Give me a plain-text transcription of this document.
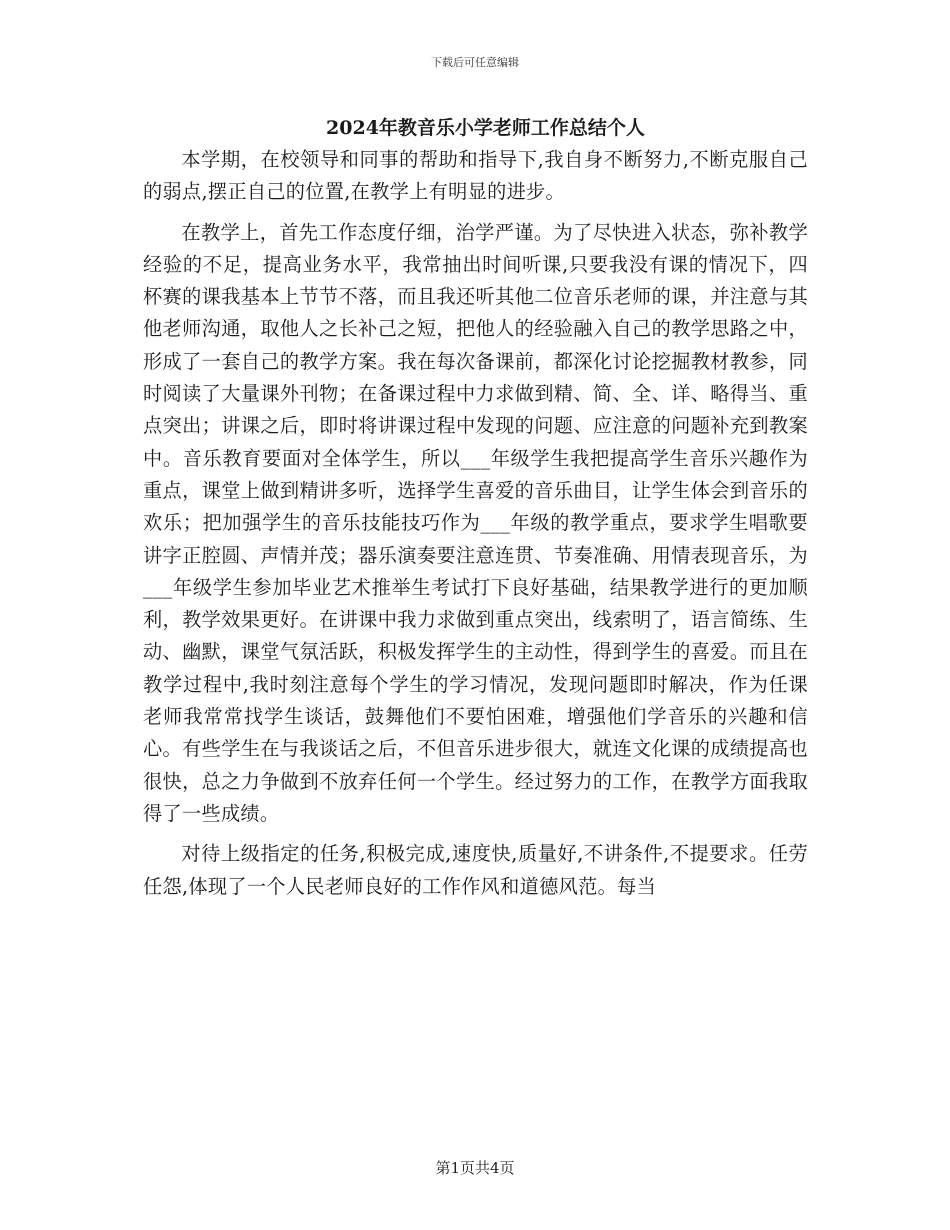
下载后可任意编辑
2024年教音乐小学老师工作总结个人

本学期，在校领导和同事的帮助和指导下,我自身不断努力,不断克服自己的弱点,摆正自己的位置,在教学上有明显的进步。

在教学上，首先工作态度仔细，治学严谨。为了尽快进入状态，弥补教学经验的不足，提高业务水平，我常抽出时间听课,只要我没有课的情况下，四杯赛的课我基本上节节不落，而且我还听其他二位音乐老师的课，并注意与其他老师沟通，取他人之长补己之短，把他人的经验融入自己的教学思路之中，形成了一套自己的教学方案。我在每次备课前，都深化讨论挖掘教材教参，同时阅读了大量课外刊物；在备课过程中力求做到精、简、全、详、略得当、重点突出；讲课之后，即时将讲课过程中发现的问题、应注意的问题补充到教案中。音乐教育要面对全体学生，所以___年级学生我把提高学生音乐兴趣作为重点，课堂上做到精讲多听，选择学生喜爱的音乐曲目，让学生体会到音乐的欢乐；把加强学生的音乐技能技巧作为___年级的教学重点，要求学生唱歌要讲字正腔圆、声情并茂；器乐演奏要注意连贯、节奏准确、用情表现音乐，为___年级学生参加毕业艺术推举生考试打下良好基础，结果教学进行的更加顺利，教学效果更好。在讲课中我力求做到重点突出，线索明了，语言简练、生动、幽默，课堂气氛活跃，积极发挥学生的主动性，得到学生的喜爱。而且在教学过程中,我时刻注意每个学生的学习情况，发现问题即时解决，作为任课老师我常常找学生谈话，鼓舞他们不要怕困难，增强他们学音乐的兴趣和信心。有些学生在与我谈话之后，不但音乐进步很大，就连文化课的成绩提高也很快，总之力争做到不放弃任何一个学生。经过努力的工作，在教学方面我取得了一些成绩。

对待上级指定的任务,积极完成,速度快,质量好,不讲条件,不提要求。任劳任怨,体现了一个人民老师良好的工作作风和道德风范。每当

第1页共4页
